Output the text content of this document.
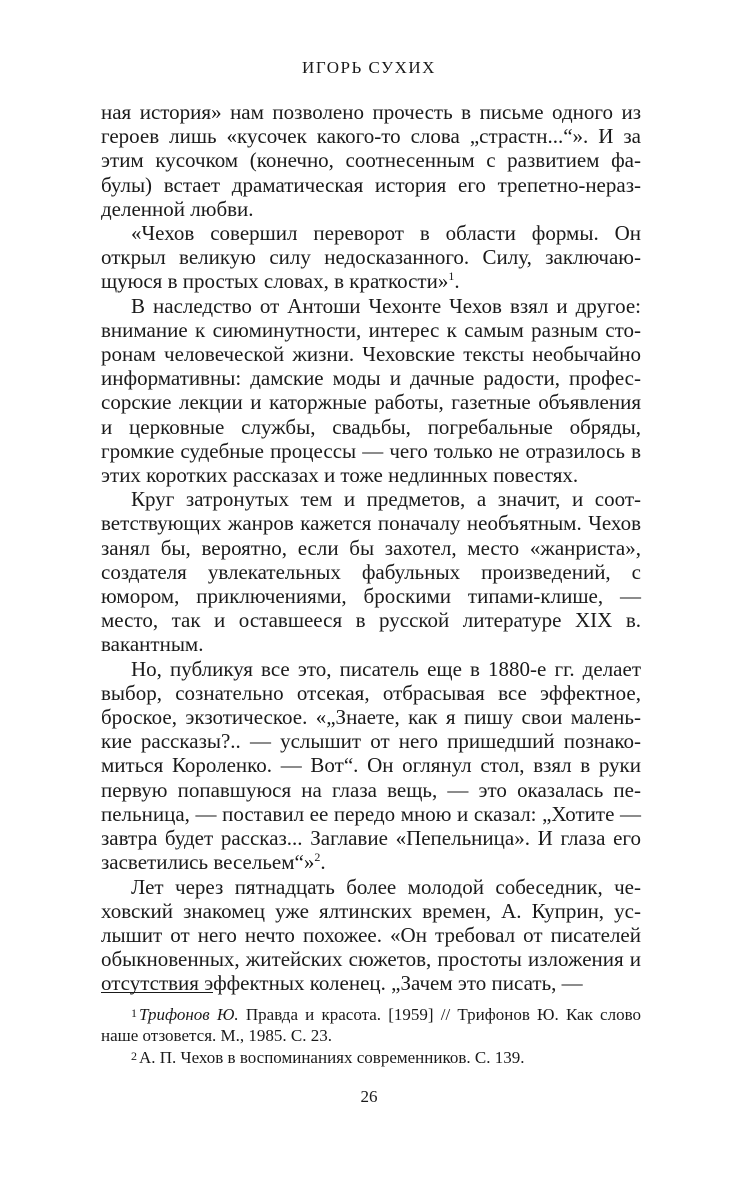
ИГОРЬ СУХИХ

ная история» нам позволено прочесть в письме одного из героев лишь «кусочек какого-то слова „страстн...“». И за этим кусочком (конечно, соотнесенным с развитием фабулы) встает драматическая история его трепетно-неразделенной любви.

«Чехов совершил переворот в области формы. Он открыл великую силу недосказанного. Силу, заключающуюся в простых словах, в краткости»$^1$.

В наследство от Антоши Чехонте Чехов взял и другое: внимание к сиюминутности, интерес к самым разным сторонам человеческой жизни. Чеховские тексты необычайно информативны: дамские моды и дачные радости, профессорские лекции и каторжные работы, газетные объявления и церковные службы, свадьбы, погребальные обряды, громкие судебные процессы — чего только не отразилось в этих коротких рассказах и тоже недлинных повестях.

Круг затронутых тем и предметов, а значит, и соответствующих жанров кажется поначалу необъятным. Чехов занял бы, вероятно, если бы захотел, место «жанриста», создателя увлекательных фабульных произведений, с юмором, приключениями, броскими типами-клише, — место, так и оставшееся в русской литературе XIX в. вакантным.

Но, публикуя все это, писатель еще в 1880-е гг. делает выбор, сознательно отсекая, отбрасывая все эффектное, броское, экзотическое. «„Знаете, как я пишу свои маленькие рассказы?.. — услышит от него пришедший познакомиться Короленко. — Вот“. Он оглянул стол, взял в руки первую попавшуюся на глаза вещь, — это оказалась пепельница, — поставил ее передо мною и сказал: „Хотите — завтра будет рассказ... Заглавие «Пепельница». И глаза его засветились весельем“»$^2$.

Лет через пятнадцать более молодой собеседник, чеховский знакомец уже ялтинских времен, А. Куприн, услышит от него нечто похожее. «Он требовал от писателей обыкновенных, житейских сюжетов, простоты изложения и отсутствия эффектных коленец. „Зачем это писать, —

1 Трифонов Ю. Правда и красота. [1959] // Трифонов Ю. Как слово наше отзовется. М., 1985. С. 23.

2 А. П. Чехов в воспоминаниях современников. С. 139.

26
